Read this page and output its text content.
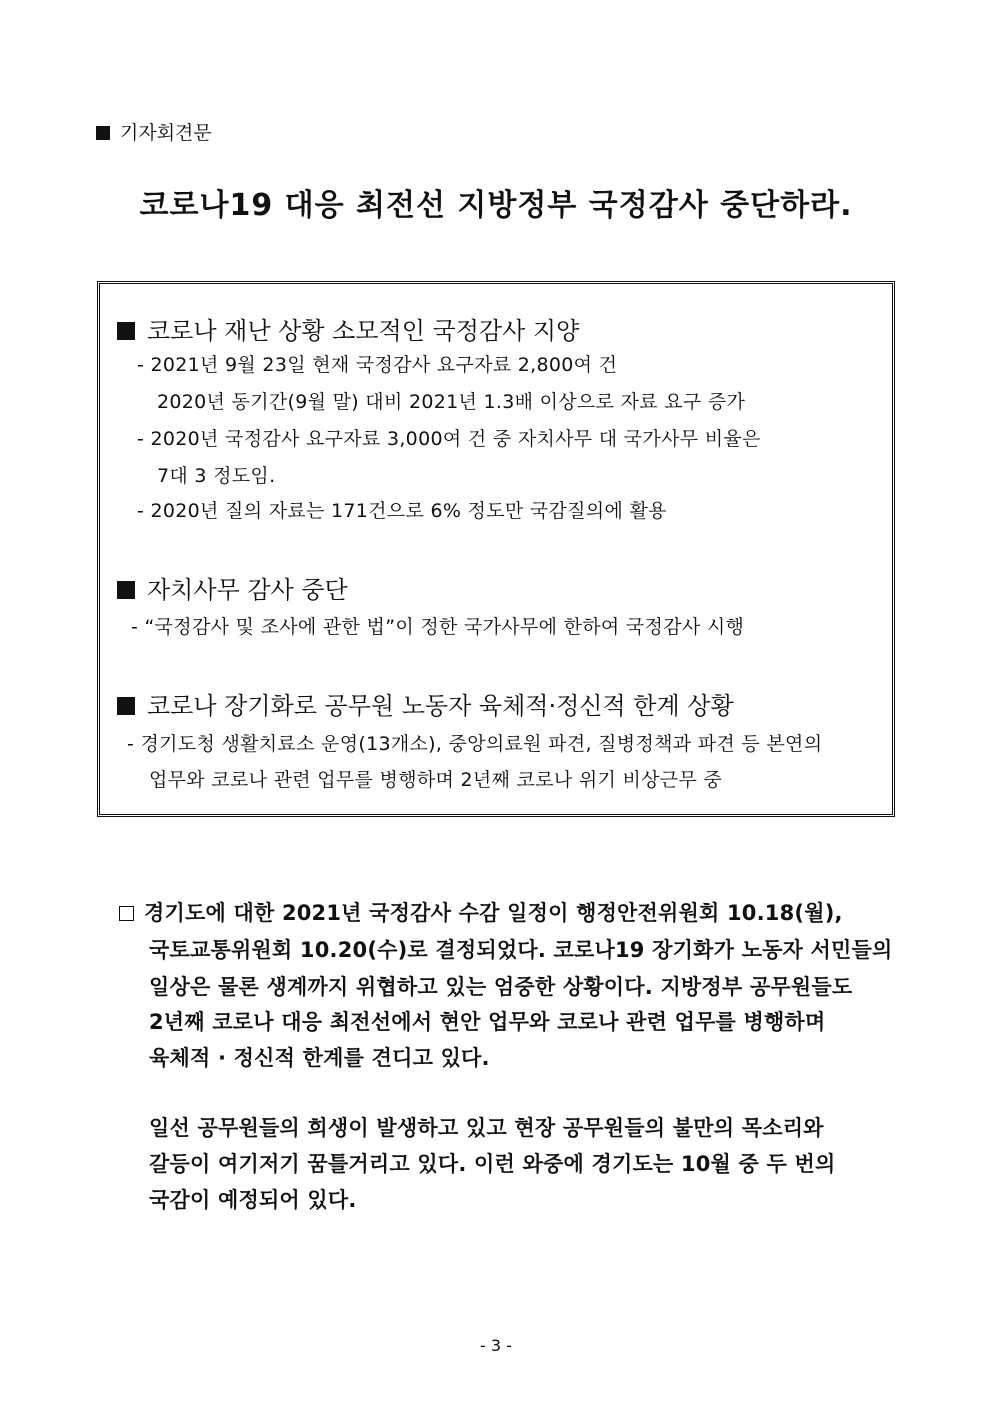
기자회견문
코로나19 대응 최전선 지방정부 국정감사 중단하라.
코로나 재난 상황 소모적인 국정감사 지양
- 2021년 9월 23일 현재 국정감사 요구자료 2,800여 건
2020년 동기간(9월 말) 대비 2021년 1.3배 이상으로 자료 요구 증가
- 2020년 국정감사 요구자료 3,000여 건 중 자치사무 대 국가사무 비율은
7대 3 정도임.
- 2020년 질의 자료는 171건으로 6% 정도만 국감질의에 활용
자치사무 감사 중단
- “국정감사 및 조사에 관한 법”이 정한 국가사무에 한하여 국정감사 시행
코로나 장기화로 공무원 노동자 육체적·정신적 한계 상황
- 경기도청 생활치료소 운영(13개소), 중앙의료원 파견, 질병정책과 파견 등 본연의
업무와 코로나 관련 업무를 병행하며 2년째 코로나 위기 비상근무 중
경기도에 대한 2021년 국정감사 수감 일정이 행정안전위원회 10.18(월),
국토교통위원회 10.20(수)로 결정되었다. 코로나19 장기화가 노동자 서민들의
일상은 물론 생계까지 위협하고 있는 엄중한 상황이다. 지방정부 공무원들도
2년째 코로나 대응 최전선에서 현안 업무와 코로나 관련 업무를 병행하며
육체적 · 정신적 한계를 견디고 있다.
일선 공무원들의 희생이 발생하고 있고 현장 공무원들의 불만의 목소리와
갈등이 여기저기 꿈틀거리고 있다. 이런 와중에 경기도는 10월 중 두 번의
국감이 예정되어 있다.
- 3 -
